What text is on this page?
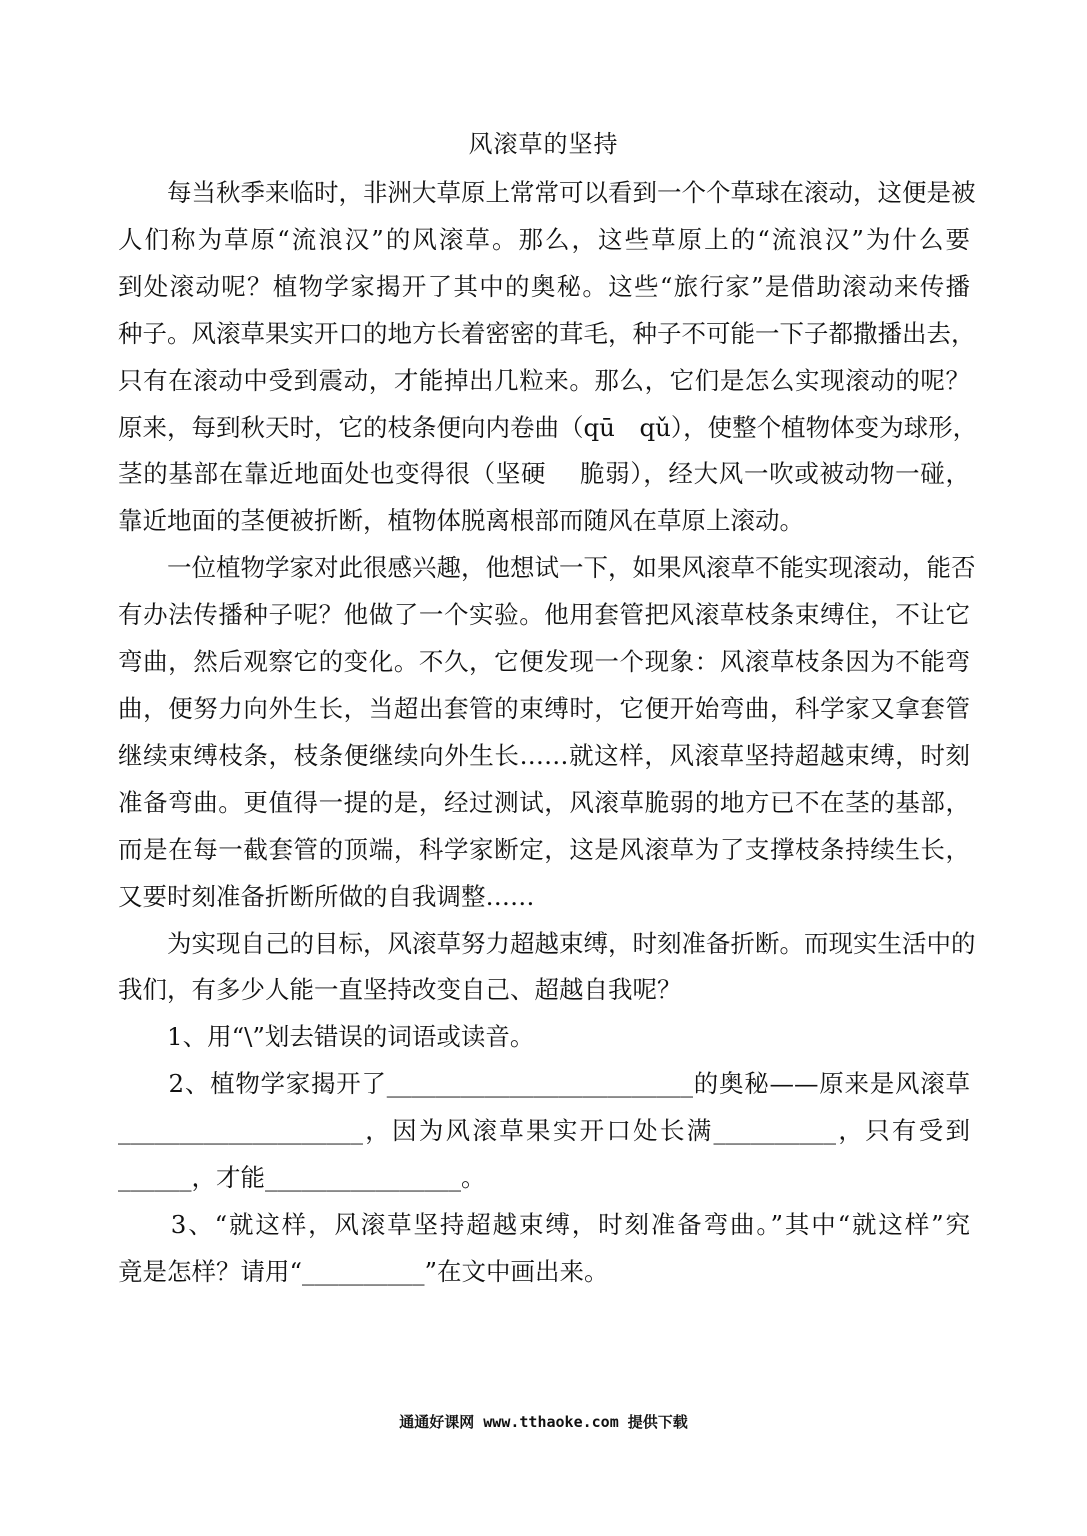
风滚草的坚持
　　每当秋季来临时，非洲大草原上常常可以看到一个个草球在滚动，这便是被
人们称为草原“流浪汉”的风滚草。那么，这些草原上的“流浪汉”为什么要
到处滚动呢？植物学家揭开了其中的奥秘。这些“旅行家”是借助滚动来传播
种子。风滚草果实开口的地方长着密密的茸毛，种子不可能一下子都撒播出去，
只有在滚动中受到震动，才能掉出几粒来。那么，它们是怎么实现滚动的呢？
原来，每到秋天时，它的枝条便向内卷曲（qū　qǔ），使整个植物体变为球形，
茎的基部在靠近地面处也变得很（坚硬　 脆弱），经大风一吹或被动物一碰，
靠近地面的茎便被折断，植物体脱离根部而随风在草原上滚动。
　　一位植物学家对此很感兴趣，他想试一下，如果风滚草不能实现滚动，能否
有办法传播种子呢？他做了一个实验。他用套管把风滚草枝条束缚住，不让它
弯曲，然后观察它的变化。不久，它便发现一个现象：风滚草枝条因为不能弯
曲，便努力向外生长，当超出套管的束缚时，它便开始弯曲，科学家又拿套管
继续束缚枝条，枝条便继续向外生长……就这样，风滚草坚持超越束缚，时刻
准备弯曲。更值得一提的是，经过测试，风滚草脆弱的地方已不在茎的基部，
而是在每一截套管的顶端，科学家断定，这是风滚草为了支撑枝条持续生长，
又要时刻准备折断所做的自我调整……
　　为实现自己的目标，风滚草努力超越束缚，时刻准备折断。而现实生活中的
我们，有多少人能一直坚持改变自己、超越自我呢？
　　1、用“\”划去错误的词语或读音。
　　2、植物学家揭开了_________________________的奥秘——原来是风滚草
____________________，因为风滚草果实开口处长满__________，只有受到
______，才能________________。
　　3、“就这样，风滚草坚持超越束缚，时刻准备弯曲。”其中“就这样”究
竟是怎样？请用“__________”在文中画出来。
通通好课网 www.tthaoke.com 提供下载
